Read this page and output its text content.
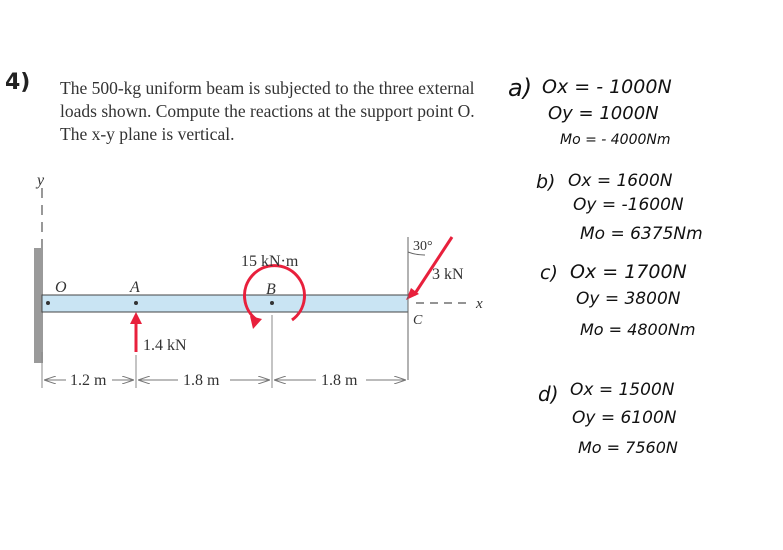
4) The 500-kg uniform beam is subjected to the three external loads shown. Compute the reactions at the support point O. The x-y plane is vertical.
y
O	A	B
C
15 kN·m
1.4 kN
3 kN
30°
x
1.2 m	1.8 m	1.8 m
a) Ox = - 1000N
Oy = 1000N
Mo = - 4000Nm
b) Ox = 1600N
Oy = -1600N
Mo = 6375Nm
c) Ox = 1700N
Oy = 3800N
Mo = 4800Nm
d) Ox = 1500N
Oy = 6100N
Mo = 7560N
